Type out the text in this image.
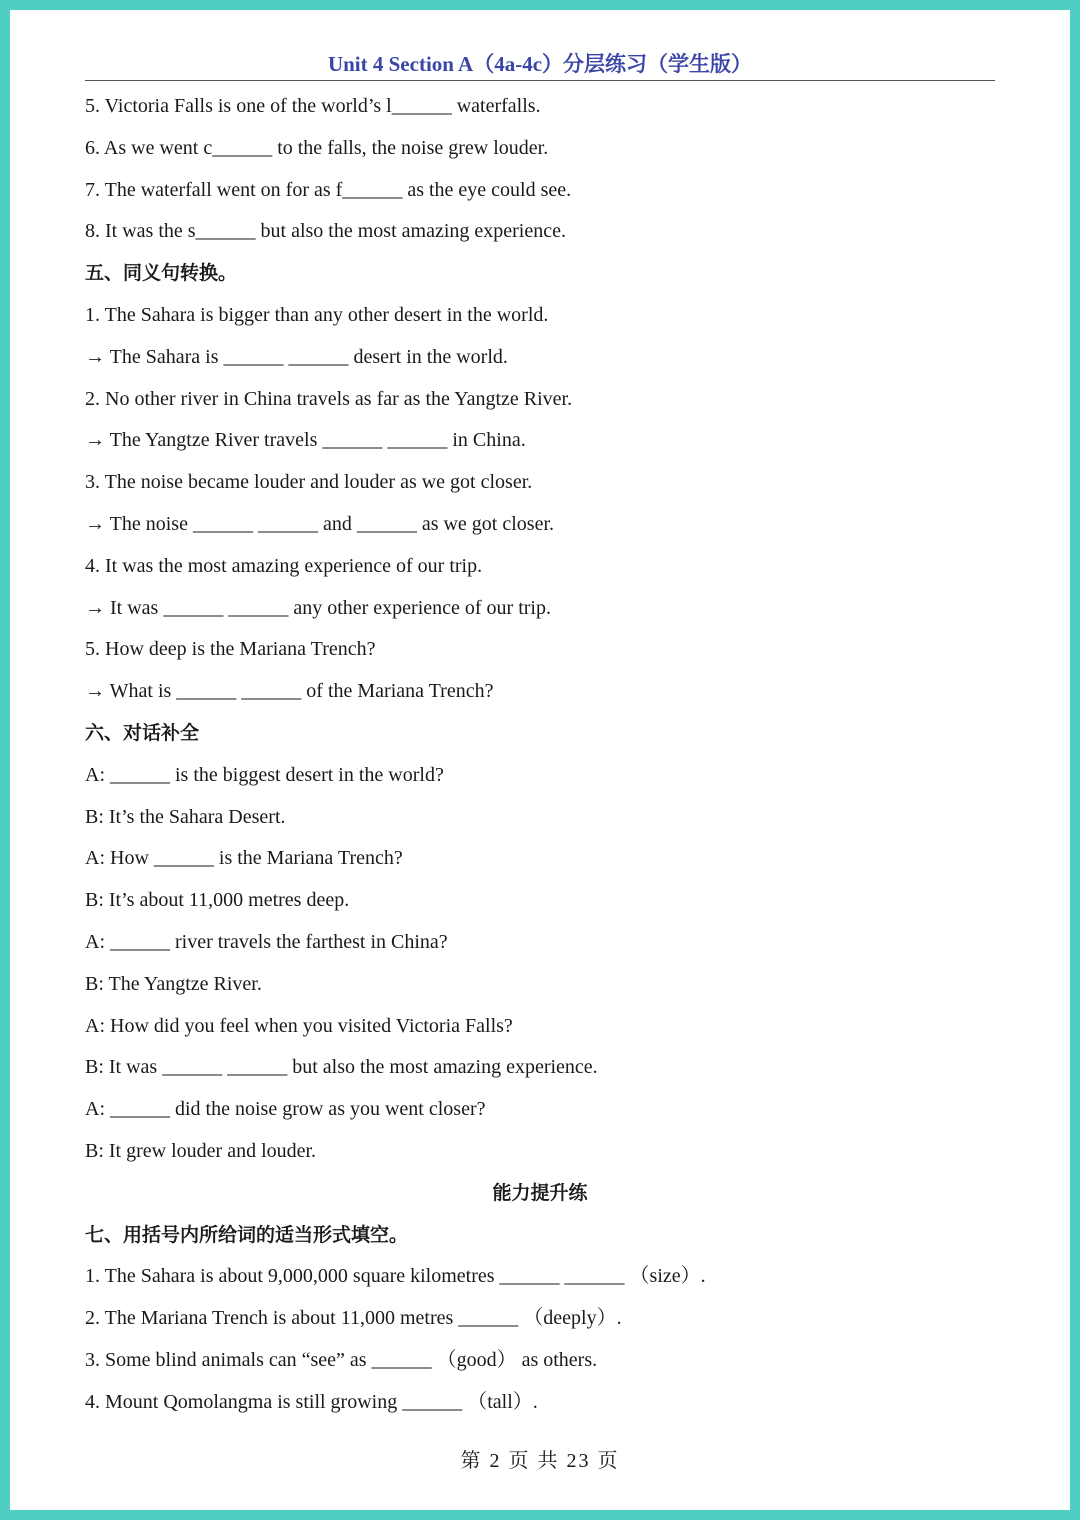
Unit 4 Section A（4a-4c）分层练习（学生版）
5. Victoria Falls is one of the world’s l______ waterfalls.
6. As we went c______ to the falls, the noise grew louder.
7. The waterfall went on for as f______ as the eye could see.
8. It was the s______ but also the most amazing experience.
五、同义句转换。
1. The Sahara is bigger than any other desert in the world.
→ The Sahara is ______ ______ desert in the world.
2. No other river in China travels as far as the Yangtze River.
→ The Yangtze River travels ______ ______ in China.
3. The noise became louder and louder as we got closer.
→ The noise ______ ______ and ______ as we got closer.
4. It was the most amazing experience of our trip.
→ It was ______ ______ any other experience of our trip.
5. How deep is the Mariana Trench?
→ What is ______ ______ of the Mariana Trench?
六、对话补全
A: ______ is the biggest desert in the world?
B: It’s the Sahara Desert.
A: How ______ is the Mariana Trench?
B: It’s about 11,000 metres deep.
A: ______ river travels the farthest in China?
B: The Yangtze River.
A: How did you feel when you visited Victoria Falls?
B: It was ______ ______ but also the most amazing experience.
A: ______ did the noise grow as you went closer?
B: It grew louder and louder.
能力提升练
七、用括号内所给词的适当形式填空。
1. The Sahara is about 9,000,000 square kilometres ______ ______ （size）.
2. The Mariana Trench is about 11,000 metres ______ （deeply）.
3. Some blind animals can “see” as ______ （good） as others.
4. Mount Qomolangma is still growing ______ （tall）.
第 2 页 共 23 页
